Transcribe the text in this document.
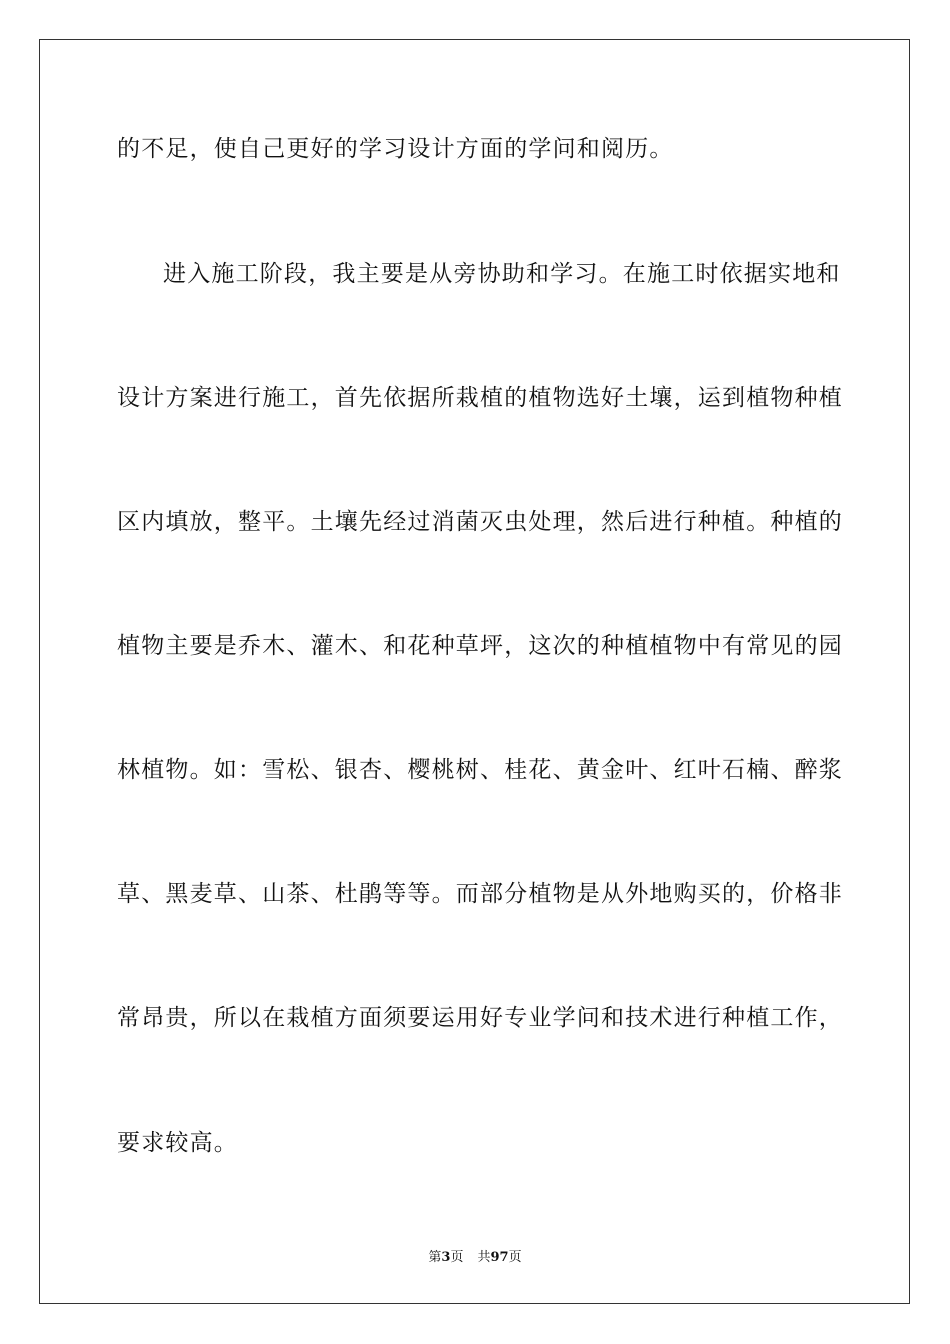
的不足，使自己更好的学习设计方面的学问和阅历。
进入施工阶段，我主要是从旁协助和学习。在施工时依据实地和
设计方案进行施工，首先依据所栽植的植物选好土壤，运到植物种植
区内填放，整平。土壤先经过消菌灭虫处理，然后进行种植。种植的
植物主要是乔木、灌木、和花种草坪，这次的种植植物中有常见的园
林植物。如：雪松、银杏、樱桃树、桂花、黄金叶、红叶石楠、醉浆
草、黑麦草、山茶、杜鹃等等。而部分植物是从外地购买的，价格非
常昂贵，所以在栽植方面须要运用好专业学问和技术进行种植工作，
要求较高。
第3页 共97页
